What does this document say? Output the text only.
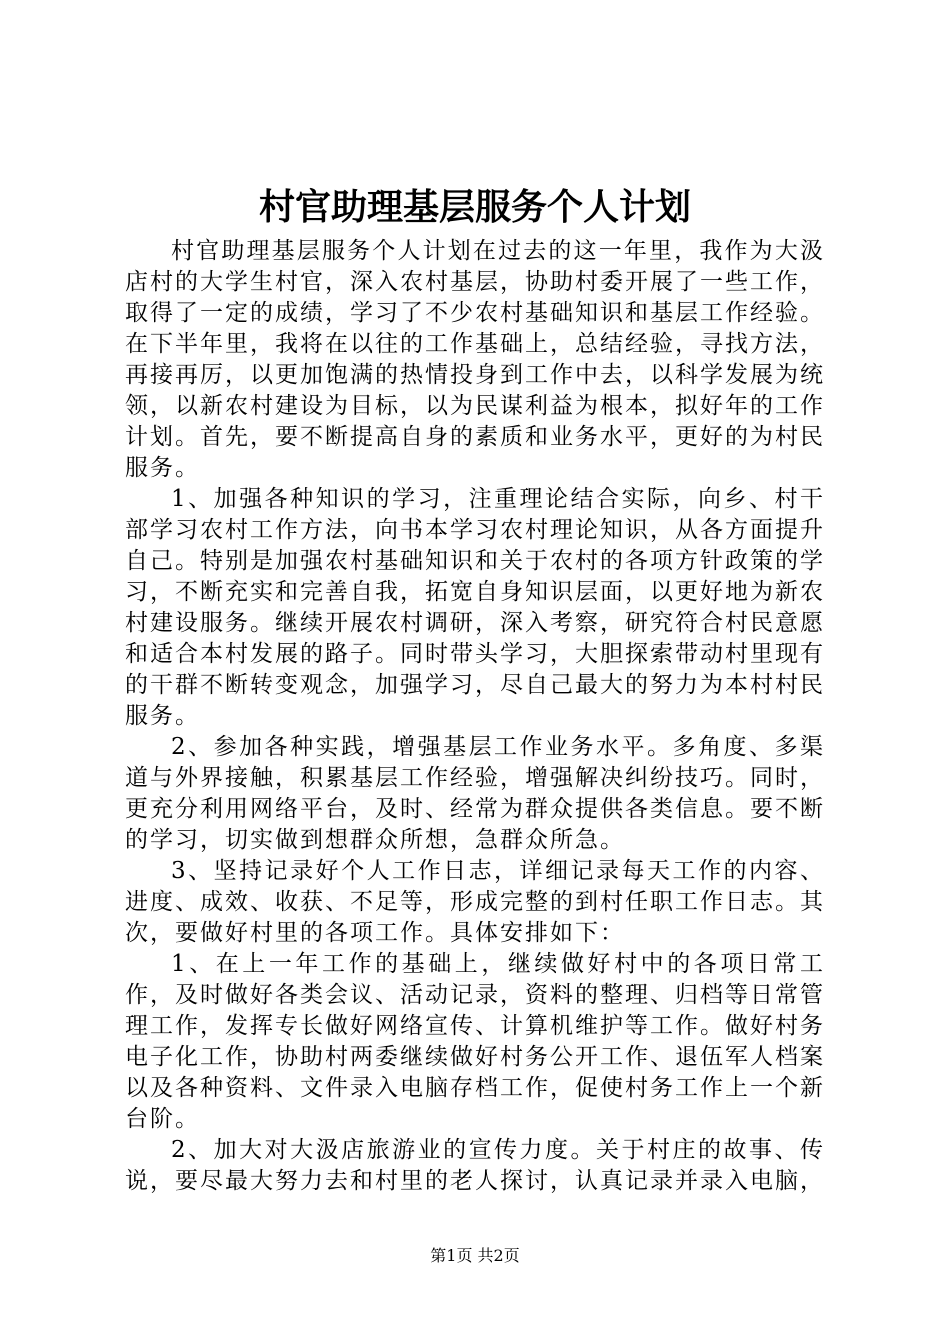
村官助理基层服务个人计划

村官助理基层服务个人计划在过去的这一年里，我作为大汲店村的大学生村官，深入农村基层，协助村委开展了一些工作，取得了一定的成绩，学习了不少农村基础知识和基层工作经验。在下半年里，我将在以往的工作基础上，总结经验，寻找方法，再接再厉，以更加饱满的热情投身到工作中去，以科学发展为统领，以新农村建设为目标，以为民谋利益为根本，拟好年的工作计划。首先，要不断提高自身的素质和业务水平，更好的为村民服务。

1、加强各种知识的学习，注重理论结合实际，向乡、村干部学习农村工作方法，向书本学习农村理论知识，从各方面提升自己。特别是加强农村基础知识和关于农村的各项方针政策的学习，不断充实和完善自我，拓宽自身知识层面，以更好地为新农村建设服务。继续开展农村调研，深入考察，研究符合村民意愿和适合本村发展的路子。同时带头学习，大胆探索带动村里现有的干群不断转变观念，加强学习，尽自己最大的努力为本村村民服务。

2、参加各种实践，增强基层工作业务水平。多角度、多渠道与外界接触，积累基层工作经验，增强解决纠纷技巧。同时，更充分利用网络平台，及时、经常为群众提供各类信息。要不断的学习，切实做到想群众所想，急群众所急。

3、坚持记录好个人工作日志，详细记录每天工作的内容、进度、成效、收获、不足等，形成完整的到村任职工作日志。其次，要做好村里的各项工作。具体安排如下：

1、在上一年工作的基础上，继续做好村中的各项日常工作，及时做好各类会议、活动记录，资料的整理、归档等日常管理工作，发挥专长做好网络宣传、计算机维护等工作。做好村务电子化工作，协助村两委继续做好村务公开工作、退伍军人档案以及各种资料、文件录入电脑存档工作，促使村务工作上一个新台阶。

2、加大对大汲店旅游业的宣传力度。关于村庄的故事、传说，要尽最大努力去和村里的老人探讨，认真记录并录入电脑，

第1页 共2页
